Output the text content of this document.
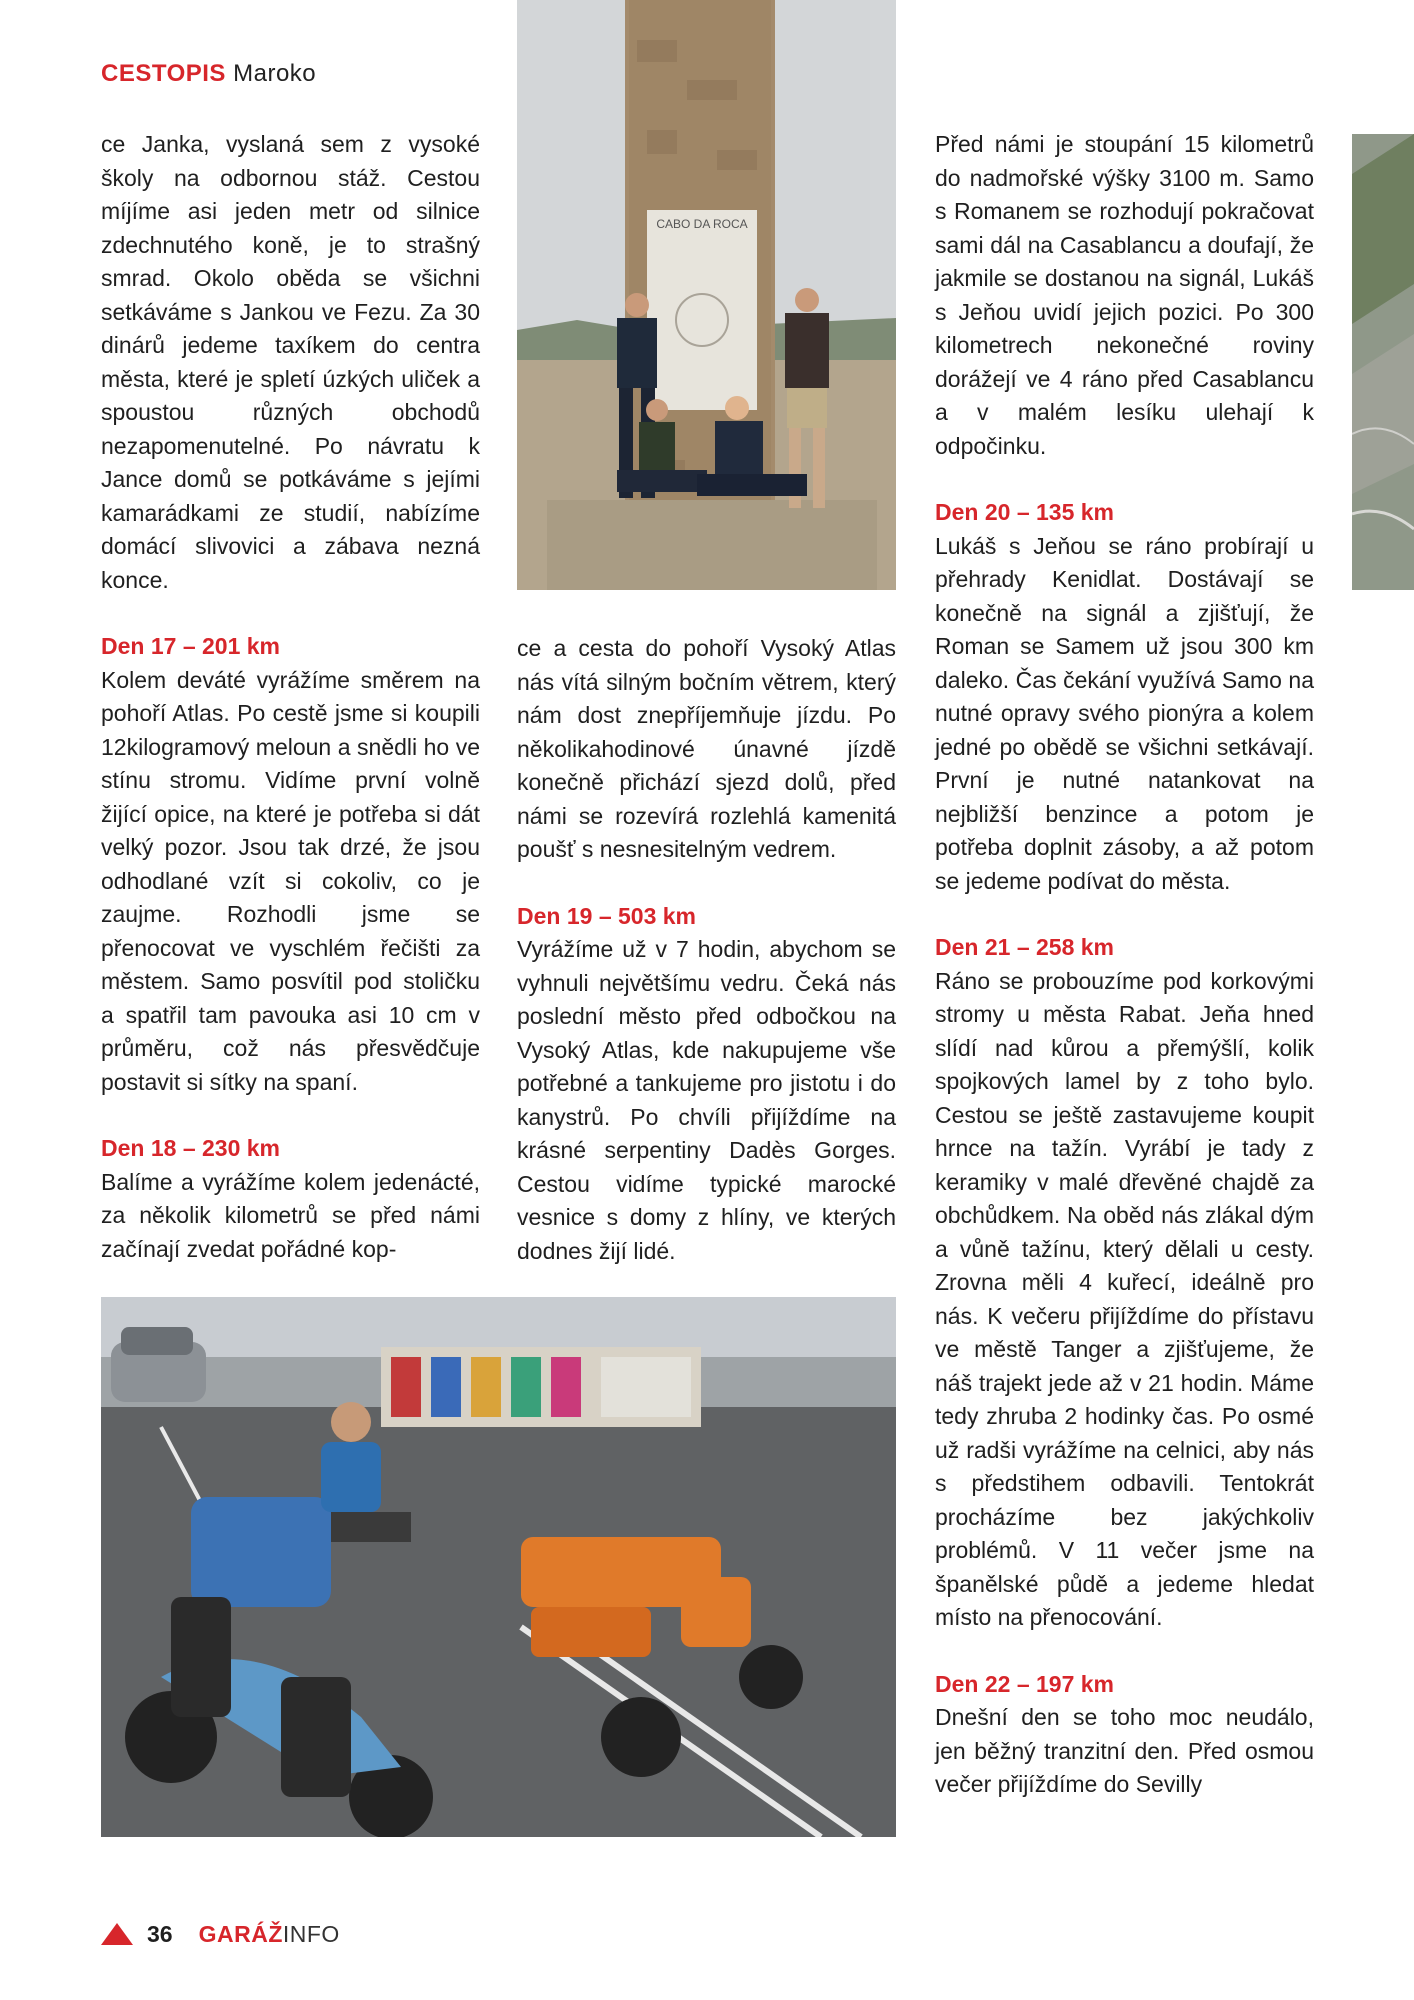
CESTOPIS Maroko
CABO DA ROCA

ce Janka, vyslaná sem z vysoké školy na odbornou stáž. Cestou míjíme asi jeden metr od silnice zdechnutého koně, je to strašný smrad. Okolo oběda se všichni setkáváme s Jankou ve Fezu. Za 30 dinárů jedeme taxíkem do centra města, které je spletí úzkých uliček a spoustou různých obchodů nezapomenutelné. Po návratu k Jance domů se potkáváme s jejími kamarádkami ze studií, nabízíme domácí slivovici a zábava nezná konce.

Den 17 – 201 km
Kolem deváté vyrážíme směrem na pohoří Atlas. Po cestě jsme si koupili 12kilogramový meloun a snědli ho ve stínu stromu. Vidíme první volně žijící opice, na které je potřeba si dát velký pozor. Jsou tak drzé, že jsou odhodlané vzít si cokoliv, co je zaujme. Rozhodli jsme se přenocovat ve vyschlém řečišti za městem. Samo posvítil pod stoličku a spatřil tam pavouka asi 10 cm v průměru, což nás přesvědčuje postavit si sítky na spaní.

Den 18 – 230 km
Balíme a vyrážíme kolem jedenácté, za několik kilometrů se před námi začínají zvedat pořádné kop-

ce a cesta do pohoří Vysoký Atlas nás vítá silným bočním větrem, který nám dost znepříjemňuje jízdu. Po několikahodinové únavné jízdě konečně přichází sjezd dolů, před námi se rozevírá rozlehlá kamenitá poušť s nesnesitelným vedrem.

Den 19 – 503 km
Vyrážíme už v 7 hodin, abychom se vyhnuli největšímu vedru. Čeká nás poslední město před odbočkou na Vysoký Atlas, kde nakupujeme vše potřebné a tankujeme pro jistotu i do kanystrů. Po chvíli přijíždíme na krásné serpentiny Dadès Gorges. Cestou vidíme typické marocké vesnice s domy z hlíny, ve kterých dodnes žijí lidé.

Před námi je stoupání 15 kilometrů do nadmořské výšky 3100 m. Samo s Romanem se rozhodují pokračovat sami dál na Casablancu a doufají, že jakmile se dostanou na signál, Lukáš s Jeňou uvidí jejich pozici. Po 300 kilometrech nekonečné roviny dorážejí ve 4 ráno před Casablancu a v malém lesíku ulehají k odpočinku.

Den 20 – 135 km
Lukáš s Jeňou se ráno probírají u přehrady Kenidlat. Dostávají se konečně na signál a zjišťují, že Roman se Samem už jsou 300 km daleko. Čas čekání využívá Samo na nutné opravy svého pionýra a kolem jedné po obědě se všichni setkávají. První je nutné natankovat na nejbližší benzince a potom je potřeba doplnit zásoby, a až potom se jedeme podívat do města.

Den 21 – 258 km
Ráno se probouzíme pod korkovými stromy u města Rabat. Jeňa hned slídí nad kůrou a přemýšlí, kolik spojkových lamel by z toho bylo. Cestou se ještě zastavujeme koupit hrnce na tažín. Vyrábí je tady z keramiky v malé dřevěné chajdě za obchůdkem. Na oběd nás zlákal dým a vůně tažínu, který dělali u cesty. Zrovna měli 4 kuřecí, ideálně pro nás. K večeru přijíždíme do přístavu ve městě Tanger a zjišťujeme, že náš trajekt jede až v 21 hodin. Máme tedy zhruba 2 hodinky čas. Po osmé už radši vyrážíme na celnici, aby nás s předstihem odbavili. Tentokrát procházíme bez jakýchkoliv problémů. V 11 večer jsme na španělské půdě a jedeme hledat místo na přenocování.

Den 22 – 197 km
Dnešní den se toho moc neudálo, jen běžný tranzitní den. Před osmou večer přijíždíme do Sevilly

36 GARÁŽ INFO
